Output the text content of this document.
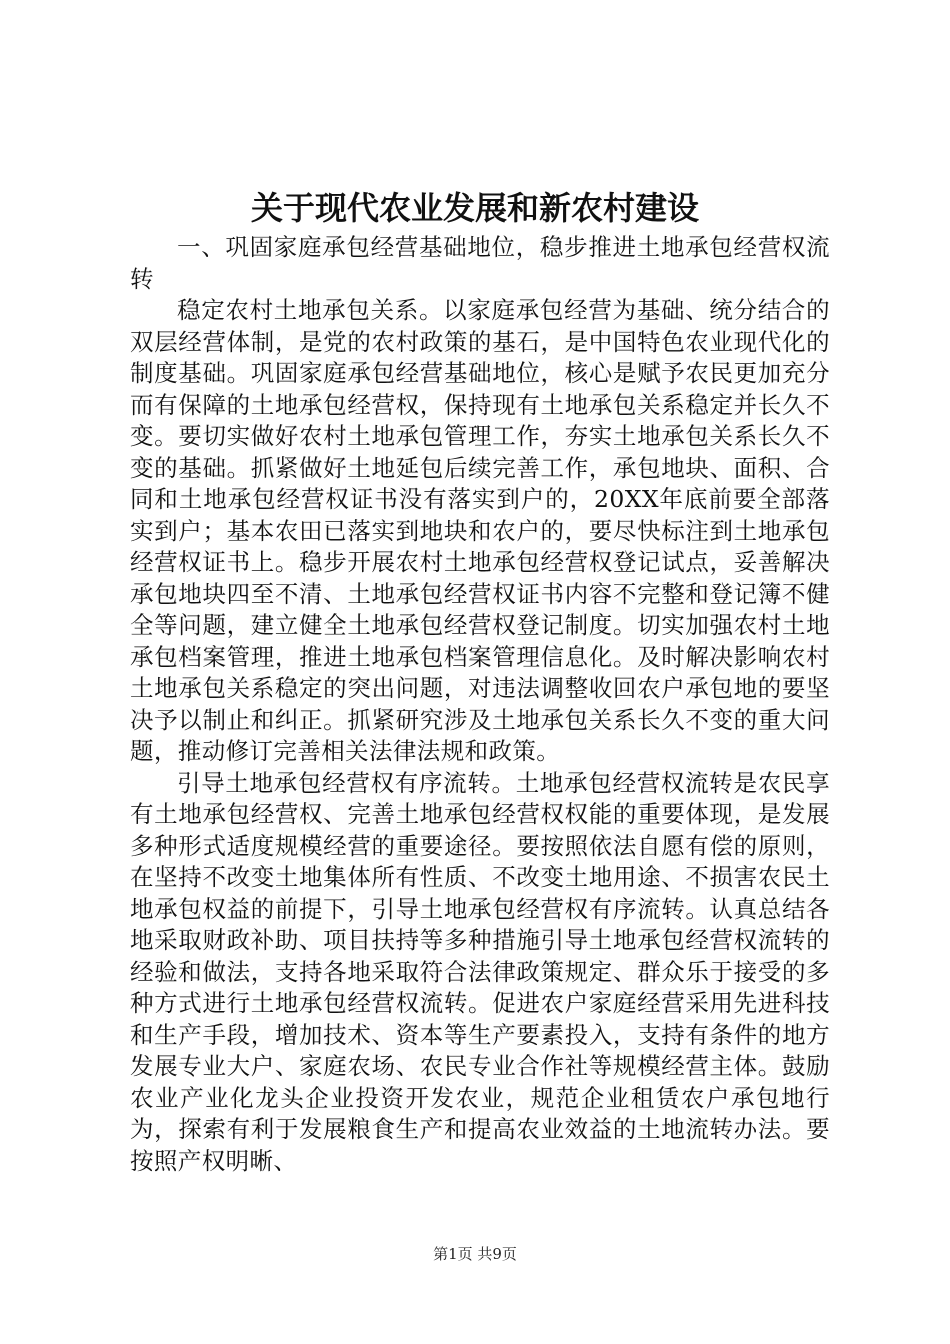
关于现代农业发展和新农村建设

一、巩固家庭承包经营基础地位，稳步推进土地承包经营权流转

稳定农村土地承包关系。以家庭承包经营为基础、统分结合的双层经营体制，是党的农村政策的基石，是中国特色农业现代化的制度基础。巩固家庭承包经营基础地位，核心是赋予农民更加充分而有保障的土地承包经营权，保持现有土地承包关系稳定并长久不变。要切实做好农村土地承包管理工作，夯实土地承包关系长久不变的基础。抓紧做好土地延包后续完善工作，承包地块、面积、合同和土地承包经营权证书没有落实到户的，20XX年底前要全部落实到户；基本农田已落实到地块和农户的，要尽快标注到土地承包经营权证书上。稳步开展农村土地承包经营权登记试点，妥善解决承包地块四至不清、土地承包经营权证书内容不完整和登记簿不健全等问题，建立健全土地承包经营权登记制度。切实加强农村土地承包档案管理，推进土地承包档案管理信息化。及时解决影响农村土地承包关系稳定的突出问题，对违法调整收回农户承包地的要坚决予以制止和纠正。抓紧研究涉及土地承包关系长久不变的重大问题，推动修订完善相关法律法规和政策。

引导土地承包经营权有序流转。土地承包经营权流转是农民享有土地承包经营权、完善土地承包经营权权能的重要体现，是发展多种形式适度规模经营的重要途径。要按照依法自愿有偿的原则，在坚持不改变土地集体所有性质、不改变土地用途、不损害农民土地承包权益的前提下，引导土地承包经营权有序流转。认真总结各地采取财政补助、项目扶持等多种措施引导土地承包经营权流转的经验和做法，支持各地采取符合法律政策规定、群众乐于接受的多种方式进行土地承包经营权流转。促进农户家庭经营采用先进科技和生产手段，增加技术、资本等生产要素投入，支持有条件的地方发展专业大户、家庭农场、农民专业合作社等规模经营主体。鼓励农业产业化龙头企业投资开发农业，规范企业租赁农户承包地行为，探索有利于发展粮食生产和提高农业效益的土地流转办法。要按照产权明晰、

第1页 共9页
